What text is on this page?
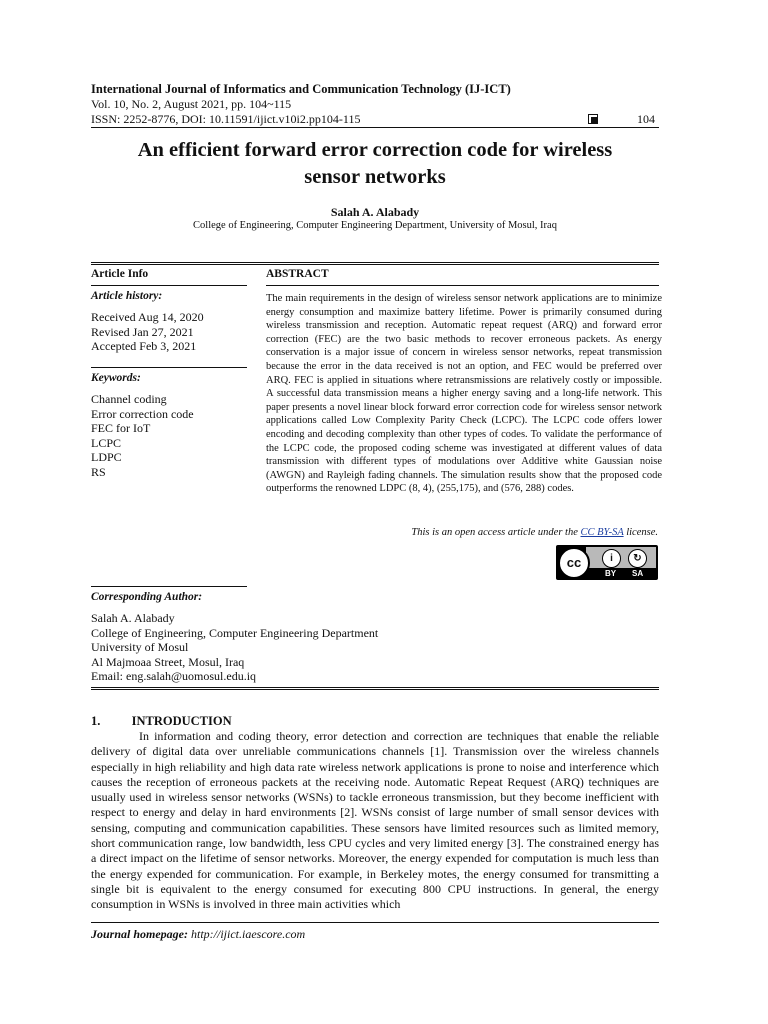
International Journal of Informatics and Communication Technology (IJ-ICT)
Vol. 10, No. 2, August 2021, pp. 104~115
ISSN: 2252-8776, DOI: 10.11591/ijict.v10i2.pp104-115	104
An efficient forward error correction code for wireless
sensor networks
Salah A. Alabady
College of Engineering, Computer Engineering Department, University of Mosul, Iraq
Article Info
Article history:
Received Aug 14, 2020
Revised Jan 27, 2021
Accepted Feb 3, 2021
Keywords:
Channel coding
Error correction code
FEC for IoT
LCPC
LDPC
RS
ABSTRACT
The main requirements in the design of wireless sensor network applications are to minimize energy consumption and maximize battery lifetime. Power is primarily consumed during wireless transmission and reception. Automatic repeat request (ARQ) and forward error correction (FEC) are the two basic methods to recover erroneous packets. As energy conservation is a major issue of concern in wireless sensor networks, repeat transmission because the error in the data received is not an option, and FEC would be preferred over ARQ. FEC is applied in situations where retransmissions are relatively costly or impossible. A successful data transmission means a higher energy saving and a long-life network. This paper presents a novel linear block forward error correction code for wireless sensor network applications called Low Complexity Parity Check (LCPC). The LCPC code offers lower encoding and decoding complexity than other types of codes. To validate the performance of the LCPC code, the proposed coding scheme was investigated at different values of data transmission with different types of modulations over Additive white Gaussian noise (AWGN) and Rayleigh fading channels. The simulation results show that the proposed code outperforms the renowned LDPC (8, 4), (255,175), and (576, 288) codes.
This is an open access article under the CC BY-SA license.
cc	i	↻
BY SA
Corresponding Author:
Salah A. Alabady
College of Engineering, Computer Engineering Department
University of Mosul
Al Majmoaa Street, Mosul, Iraq
Email: eng.salah@uomosul.edu.iq
1.          INTRODUCTION
In information and coding theory, error detection and correction are techniques that enable the reliable delivery of digital data over unreliable communications channels [1]. Transmission over the wireless channels especially in high reliability and high data rate wireless network applications is prone to noise and interference which causes the reception of erroneous packets at the receiving node. Automatic Repeat Request (ARQ) techniques are usually used in wireless sensor networks (WSNs) to tackle erroneous transmission, but they become inefficient with respect to energy and delay in hard environments [2]. WSNs consist of large number of small sensor devices with sensing, computing and communication capabilities. These sensors have limited resources such as limited memory, short communication range, low bandwidth, less CPU cycles and very limited energy [3]. The constrained energy has a direct impact on the lifetime of sensor networks. Moreover, the energy expended for computation is much less than the energy expended for communication. For example, in Berkeley motes, the energy consumed for transmitting a single bit is equivalent to the energy consumed for executing 800 CPU instructions. In general, the energy consumption in WSNs is involved in three main activities which
Journal homepage: http://ijict.iaescore.com
